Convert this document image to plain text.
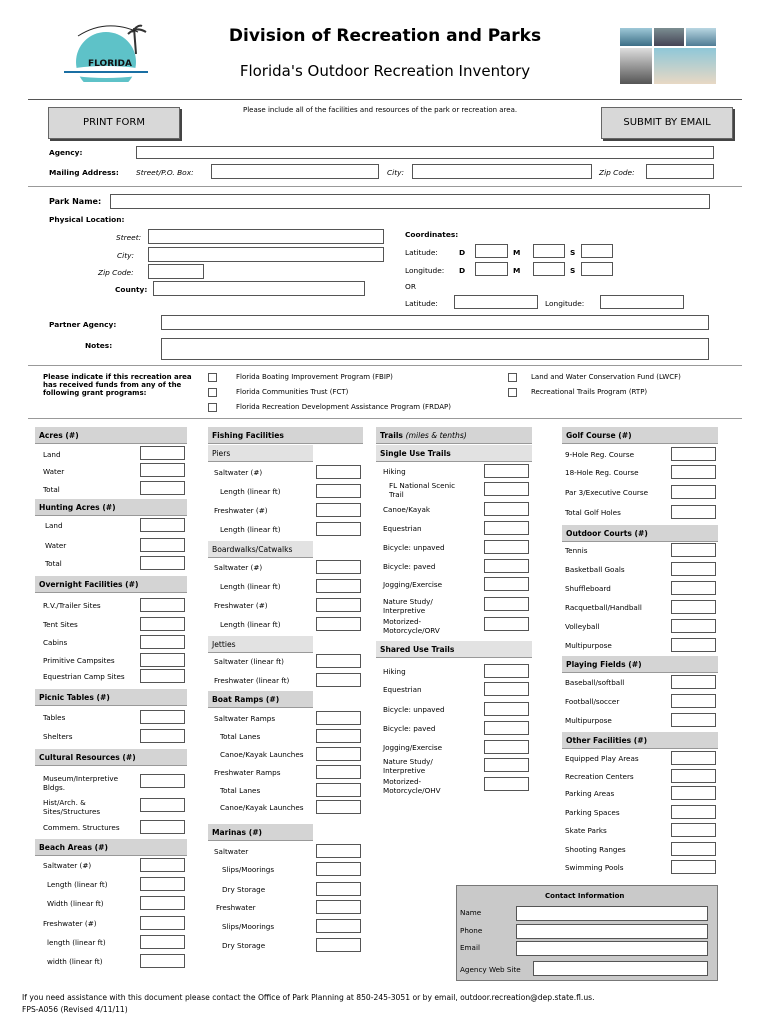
FLORIDA
Division of Recreation and Parks
Florida's Outdoor Recreation Inventory
Please include all of the facilities and resources of the park or recreation area.
PRINT FORM	SUBMIT BY EMAIL
Agency:
Mailing Address: Street/P.O. Box:	City:	Zip Code:
Park Name:
Physical Location:
Street:
City:
Zip Code:
County:
Coordinates:
Latitude:	D	M	S
Longitude: D	M	S
OR
Latitude:	Longitude:
Partner Agency:
Notes:
Please indicate if this recreation area
has received funds from any of the
following grant programs:
Florida Boating Improvement Program (FBIP)
Florida Communities Trust (FCT)
Florida Recreation Development Assistance Program (FRDAP)
Land and Water Conservation Fund (LWCF)
Recreational Trails Program (RTP)
Acres (#)
Land
Water
Total
Hunting Acres (#)
Land
Water
Total
Overnight Facilities (#)
R.V./Trailer Sites
Tent Sites
Cabins
Primitive Campsites
Equestrian Camp Sites
Picnic Tables (#)
Tables
Shelters
Cultural Resources (#)
Museum/Interpretive
Bldgs.
Hist/Arch. &
Sites/Structures
Commem. Structures
Beach Areas (#)
Saltwater (#)
Length (linear ft)
Width (linear ft)
Freshwater (#)
length (linear ft)
width (linear ft)
Fishing Facilities
Piers
Saltwater (#)
Length (linear ft)
Freshwater (#)
Length (linear ft)
Boardwalks/Catwalks
Saltwater (#)
Length (linear ft)
Freshwater (#)
Length (linear ft)
Jetties
Saltwater (linear ft)
Freshwater (linear ft)
Boat Ramps (#)
Saltwater Ramps
Total Lanes
Canoe/Kayak Launches
Freshwater Ramps
Total Lanes
Canoe/Kayak Launches
Marinas (#)
Saltwater
Slips/Moorings
Dry Storage
Freshwater
Slips/Moorings
Dry Storage
Trails (miles & tenths)
Single Use Trails
Hiking
FL National Scenic
Trail
Canoe/Kayak
Equestrian
Bicycle: unpaved
Bicycle: paved
Jogging/Exercise
Nature Study/
Interpretive
Motorized-
Motorcycle/ORV
Shared Use Trails
Hiking
Equestrian
Bicycle: unpaved
Bicycle: paved
Jogging/Exercise
Nature Study/
Interpretive
Motorized-
Motorcycle/OHV
Golf Course (#)
9-Hole Reg. Course
18-Hole Reg. Course
Par 3/Executive Course
Total Golf Holes
Outdoor Courts (#)
Tennis
Basketball Goals
Shuffleboard
Racquetball/Handball
Volleyball
Multipurpose
Playing Fields (#)
Baseball/softball
Football/soccer
Multipurpose
Other Facilities (#)
Equipped Play Areas
Recreation Centers
Parking Areas
Parking Spaces
Skate Parks
Shooting Ranges
Swimming Pools
Contact Information
Name
Phone
Email
Agency Web Site
If you need assistance with this document please contact the Office of Park Planning at 850-245-3051 or by email, outdoor.recreation@dep.state.fl.us.
FPS-A056 (Revised 4/11/11)
